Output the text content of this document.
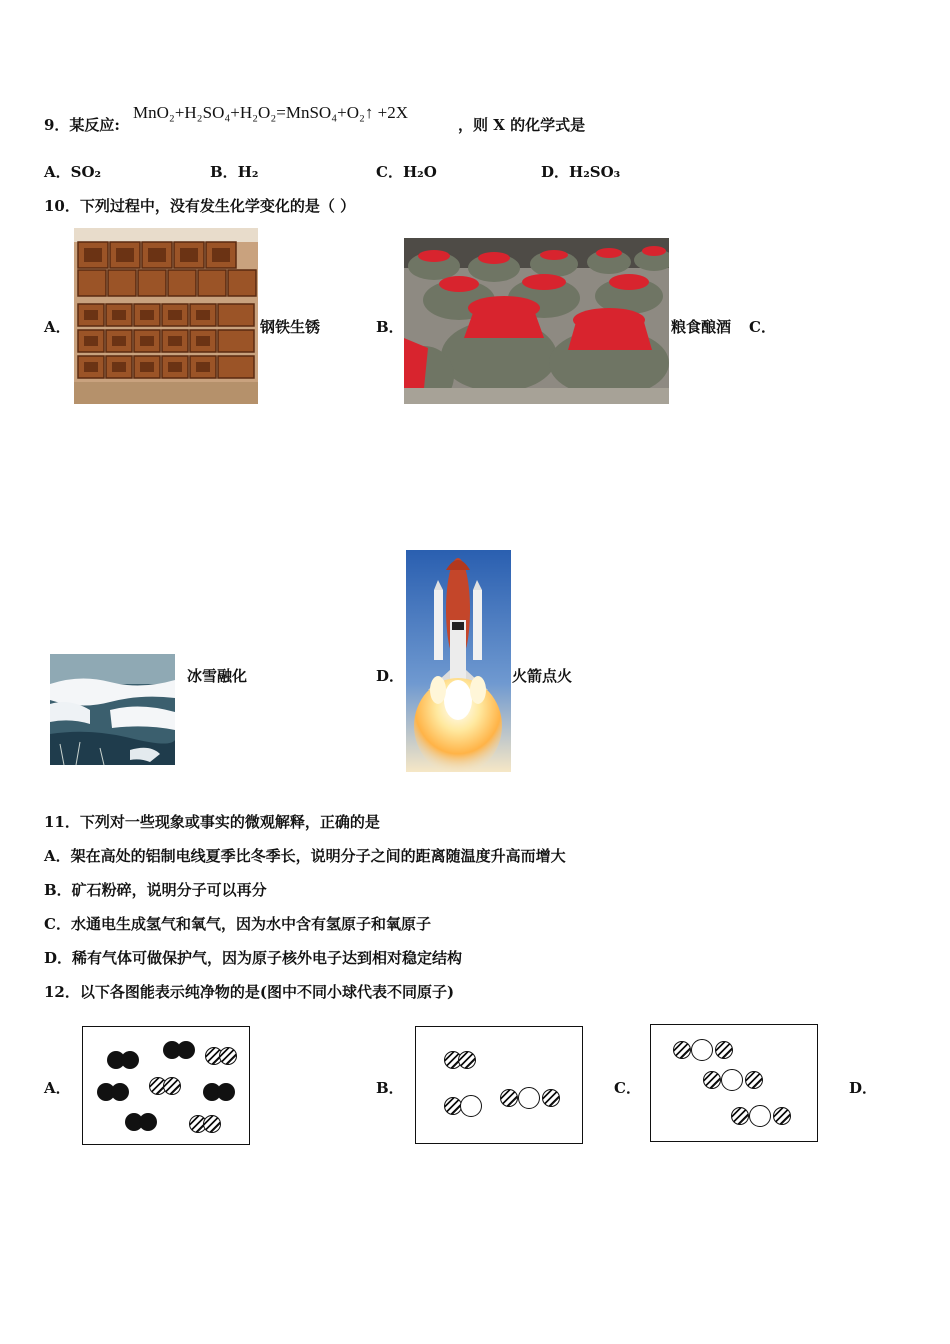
9．某反应:
MnO₂+H₂SO₄+H₂O₂=MnSO₄+O₂↑ +2X
，则 X 的化学式是
A．SO₂	B．H₂	C．H₂O	D．H₂SO₃
10．下列过程中，没有发生化学变化的是（ ）
A．	钢铁生锈	B．	粮食酿酒 C．
冰雪融化	D．	火箭点火
11．下列对一些现象或事实的微观解释，正确的是
A．架在高处的铝制电线夏季比冬季长，说明分子之间的距离随温度升高而增大
B．矿石粉碎，说明分子可以再分
C．水通电生成氢气和氧气，因为水中含有氢原子和氧原子
D．稀有气体可做保护气，因为原子核外电子达到相对稳定结构
12．以下各图能表示纯净物的是(图中不同小球代表不同原子)
A．	B．	C．	D．
